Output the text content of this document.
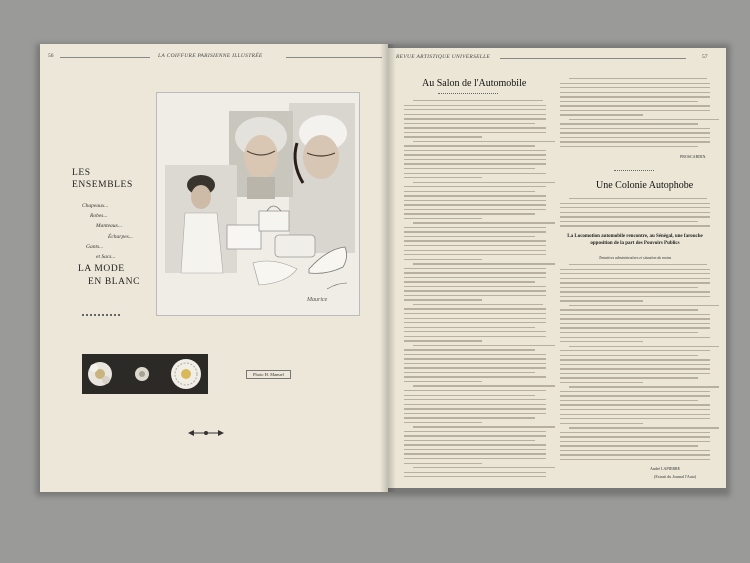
56	LA COIFFURE PARISIENNE ILLUSTRÉE
LES
ENSEMBLES
Chapeaux...
Robes...
Manteaux...
Écharpes...
Gants...
et Sacs...
LA MODE
EN BLANC
Maurice
Photo H. Manuel
REVUE ARTISTIQUE UNIVERSELLE	57
Au Salon de l'Automobile
PROSCARDIN.
Une Colonie Autophobe
La Locomotion automobile rencontre, au Sénégal, une farouche opposition de la part des Pouvoirs Publics
Tentatives administratives et situation du moins
André LAPIERRE
(Extrait du Journal l'Auto)
